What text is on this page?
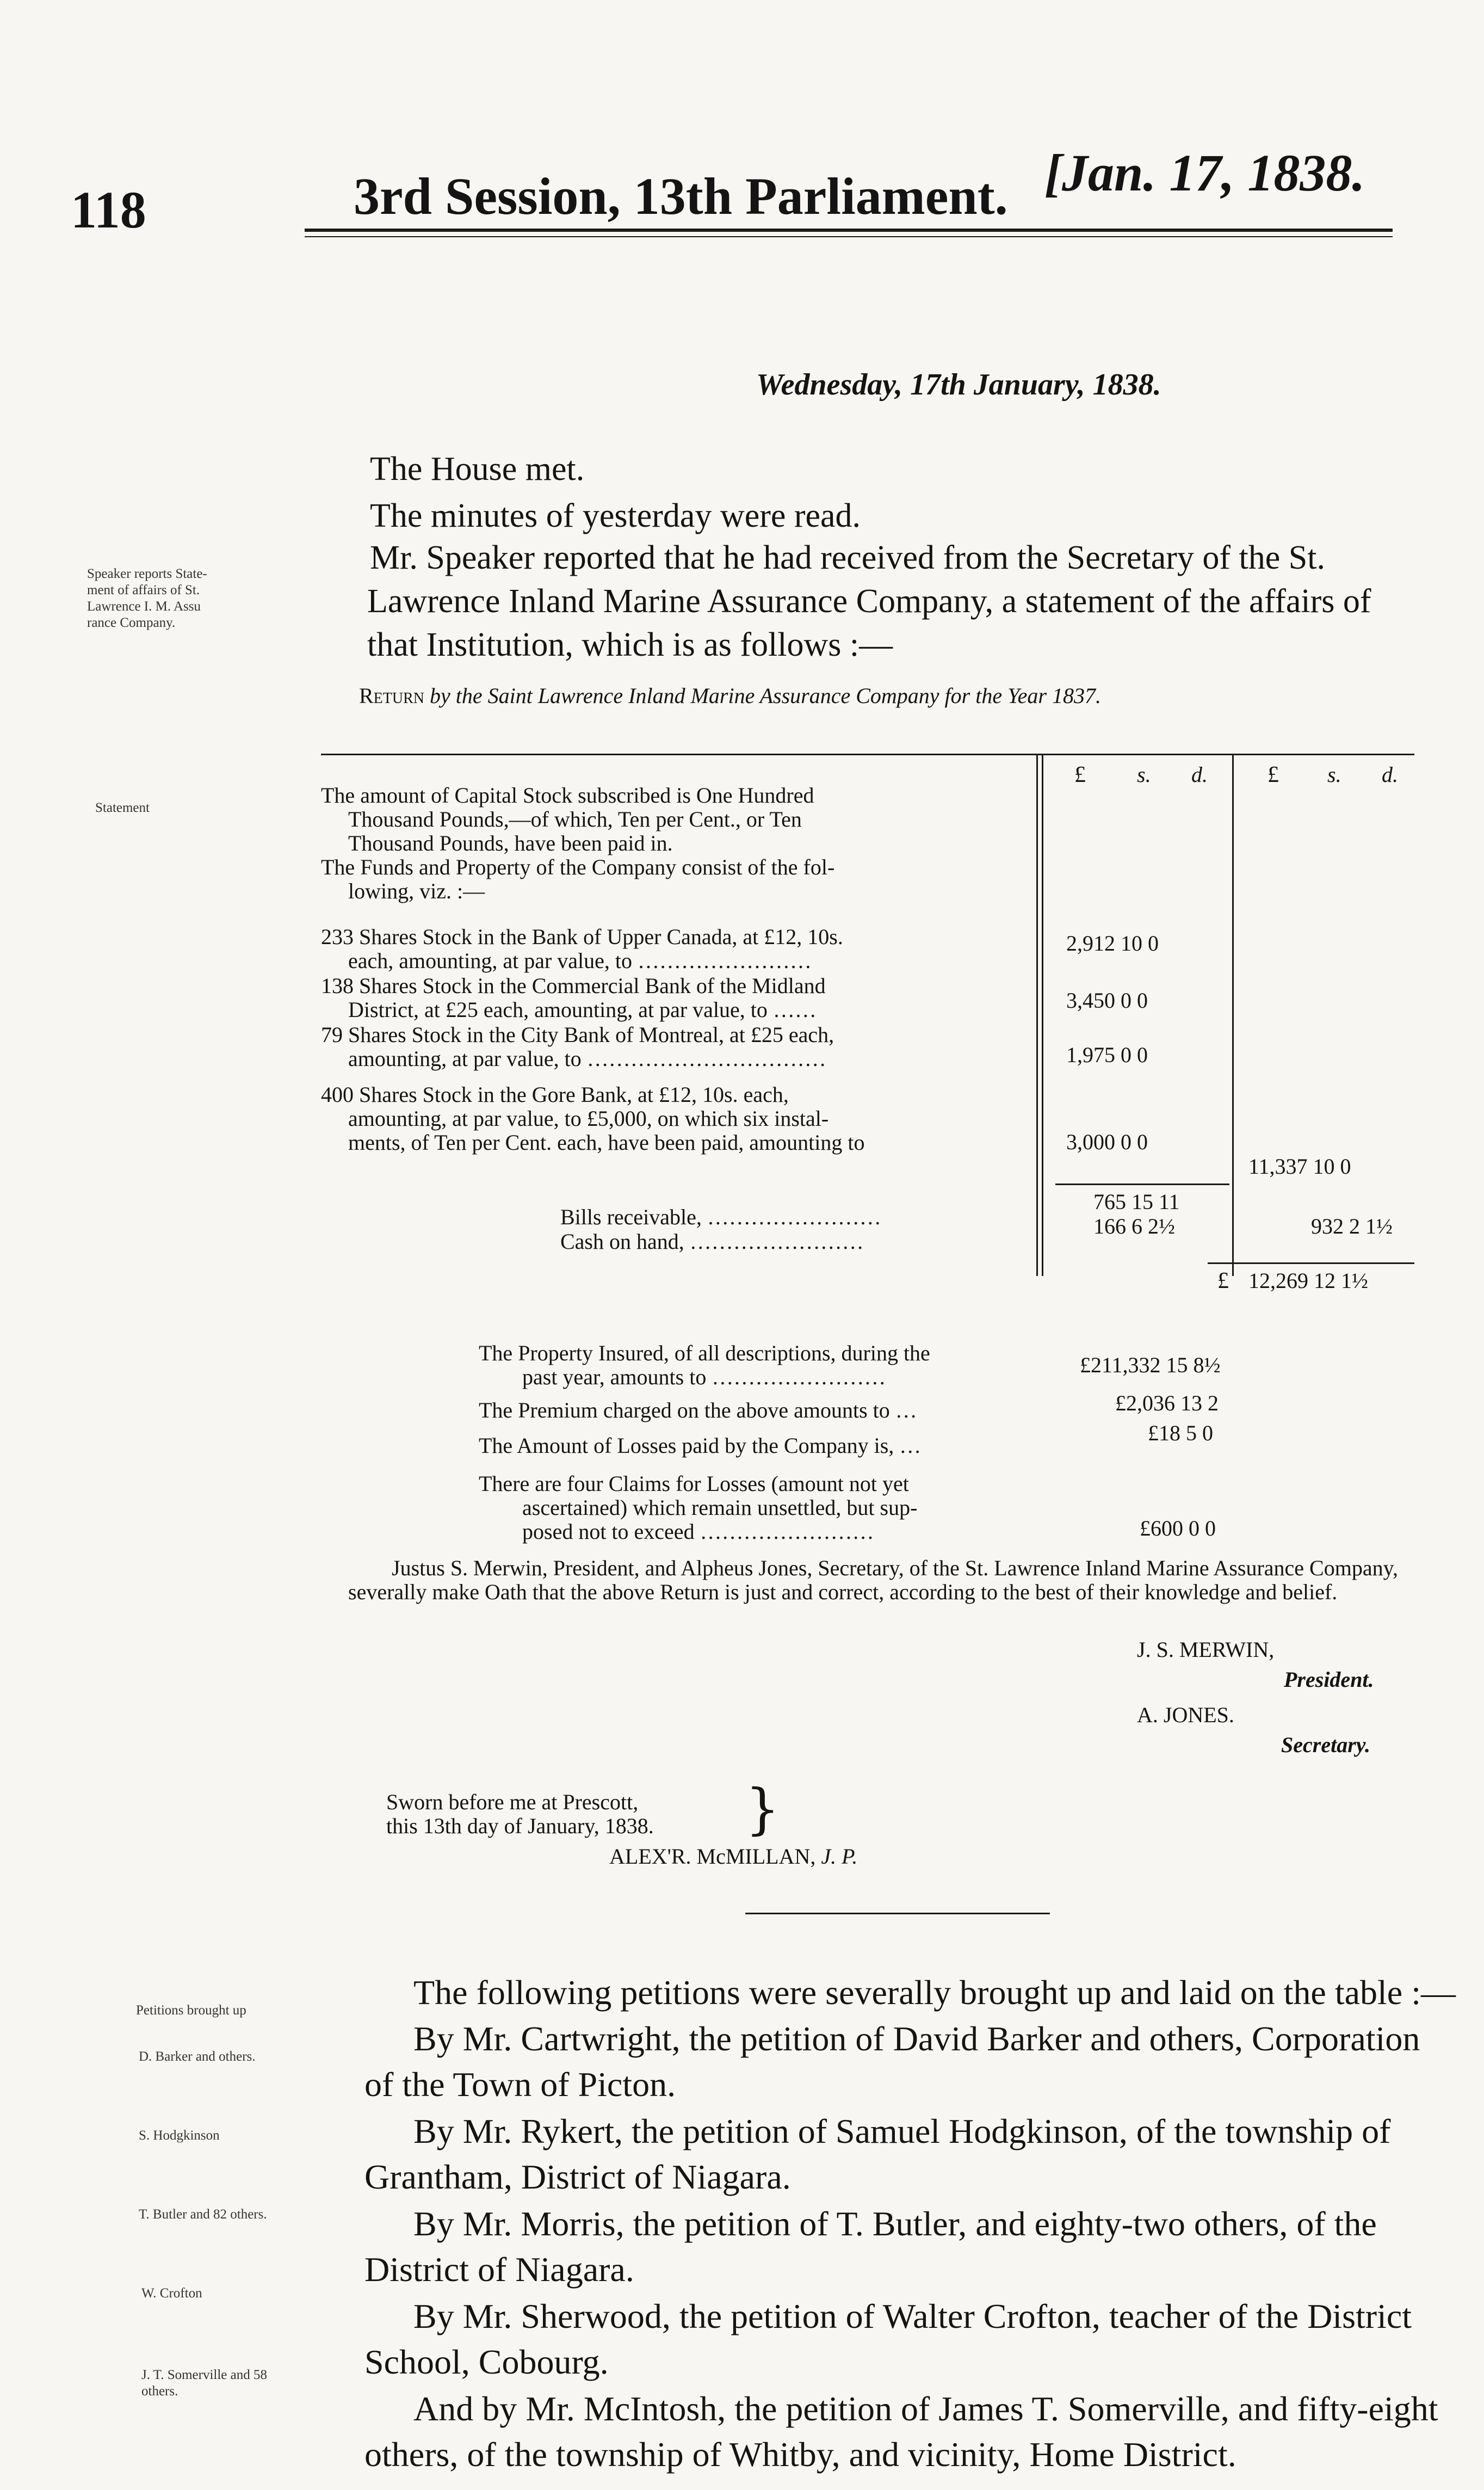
118	3rd Session, 13th Parliament. [Jan. 17, 1838.
Wednesday, 17th January, 1838.
The House met.
The minutes of yesterday were read.
Mr. Speaker reported that he had received from the Secretary of the St. Lawrence Inland Marine Assurance Company, a statement of the affairs of that Institution, which is as follows :—
Speaker reports State-
ment of affairs of St.
Lawrence I. M. Assu
rance Company.
Statement
Return by the Saint Lawrence Inland Marine Assurance Company for the Year 1837.
£ s. d.	£ s. d.
The amount of Capital Stock subscribed is One Hundred
Thousand Pounds,—of which, Ten per Cent., or Ten
Thousand Pounds, have been paid in.
The Funds and Property of the Company consist of the fol-
lowing, viz. :—
233 Shares Stock in the Bank of Upper Canada, at £12, 10s.
each, amounting, at par value, to ……………………
2,912 10 0
138 Shares Stock in the Commercial Bank of the Midland
District, at £25 each, amounting, at par value, to ……	3,450 0 0
79 Shares Stock in the City Bank of Montreal, at £25 each,
amounting, at par value, to ……………………………	1,975 0 0
400 Shares Stock in the Gore Bank, at £12, 10s. each,
amounting, at par value, to £5,000, on which six instal-
ments, of Ten per Cent. each, have been paid, amounting to	3,000 0 0
11,337 10 0
Bills receivable, ……………………
765 15 11
Cash on hand, ……………………
166 6 2½	932 2 1½
£ 12,269 12 1½
The Property Insured, of all descriptions, during the
past year, amounts to ……………………	£211,332 15 8½
The Premium charged on the above amounts to …	£2,036 13 2
The Amount of Losses paid by the Company is, …
£18 5 0
There are four Claims for Losses (amount not yet
ascertained) which remain unsettled, but sup-
posed not to exceed ……………………	£600 0 0
Justus S. Merwin, President, and Alpheus Jones, Secretary, of the St. Lawrence Inland Marine Assurance Company, severally make Oath that the above Return is just and correct, according to the best of their knowledge and belief.
J. S. MERWIN,
President.
A. JONES.
Secretary.
Sworn before me at Prescott,
this 13th day of January, 1838. }
ALEX'R. McMILLAN, J. P.
The following petitions were severally brought up and laid on the table :—
By Mr. Cartwright, the petition of David Barker and others, Corporation of the Town of Picton.
By Mr. Rykert, the petition of Samuel Hodgkinson, of the township of Grantham, District of Niagara.
By Mr. Morris, the petition of T. Butler, and eighty-two others, of the District of Niagara.
By Mr. Sherwood, the petition of Walter Crofton, teacher of the District School, Cobourg.
And by Mr. McIntosh, the petition of James T. Somerville, and fifty-eight others, of the township of Whitby, and vicinity, Home District.
Petitions brought up
D. Barker and others.
S. Hodgkinson
T. Butler and 82 others.
W. Crofton
J. T. Somerville and 58
others.
